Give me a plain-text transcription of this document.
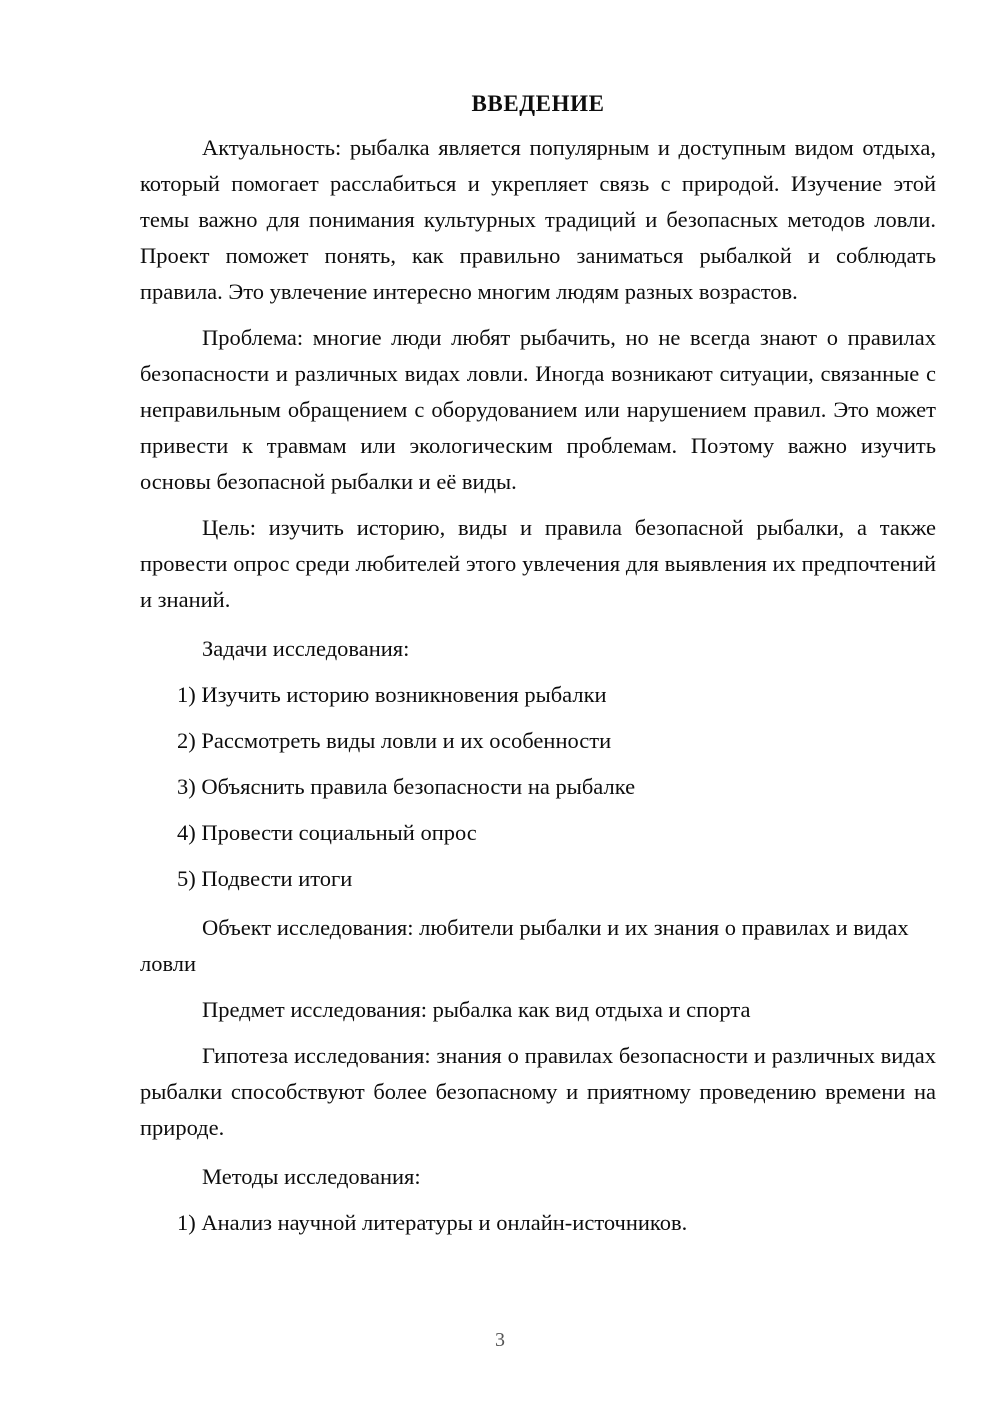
ВВЕДЕНИЕ

Актуальность: рыбалка является популярным и доступным видом отдыха, который помогает расслабиться и укрепляет связь с природой. Изучение этой темы важно для понимания культурных традиций и безопасных методов ловли. Проект поможет понять, как правильно заниматься рыбалкой и соблюдать правила. Это увлечение интересно многим людям разных возрастов.

Проблема: многие люди любят рыбачить, но не всегда знают о правилах безопасности и различных видах ловли. Иногда возникают ситуации, связанные с неправильным обращением с оборудованием или нарушением правил. Это может привести к травмам или экологическим проблемам. Поэтому важно изучить основы безопасной рыбалки и её виды.

Цель: изучить историю, виды и правила безопасной рыбалки, а также провести опрос среди любителей этого увлечения для выявления их предпочтений и знаний.

Задачи исследования:

1) Изучить историю возникновения рыбалки
2) Рассмотреть виды ловли и их особенности
3) Объяснить правила безопасности на рыбалке
4) Провести социальный опрос
5) Подвести итоги

Объект исследования: любители рыбалки и их знания о правилах и видах ловли

Предмет исследования: рыбалка как вид отдыха и спорта

Гипотеза исследования: знания о правилах безопасности и различных видах рыбалки способствуют более безопасному и приятному проведению времени на природе.

Методы исследования:

1) Анализ научной литературы и онлайн-источников.
3
